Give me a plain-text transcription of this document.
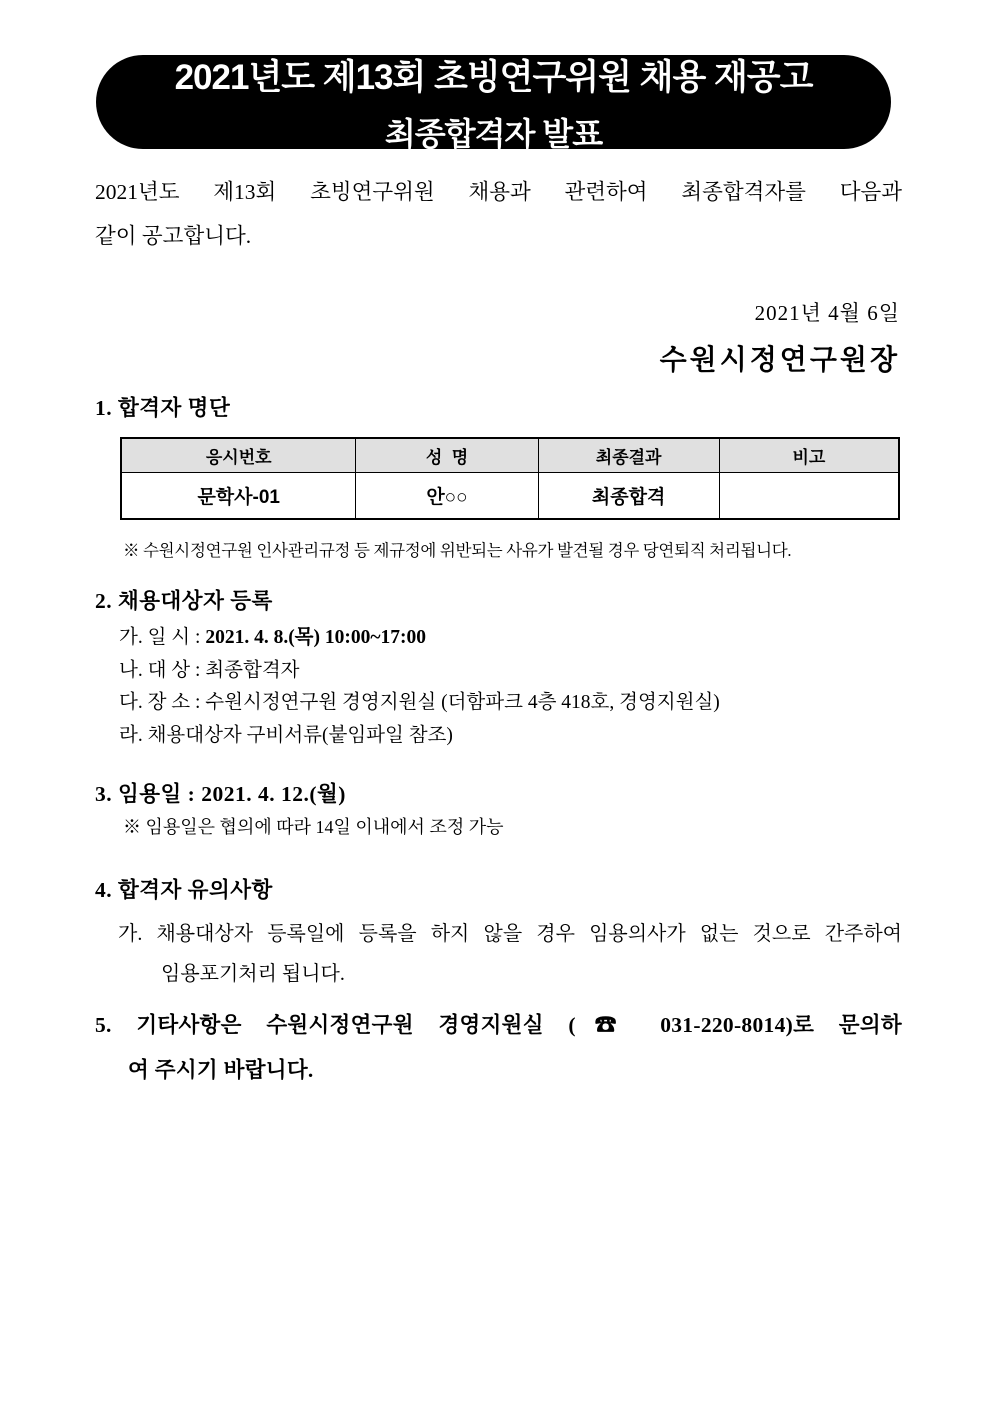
2021년도 제13회 초빙연구위원 채용 재공고
최종합격자 발표
2021년도 제13회 초빙연구위원 채용과 관련하여 최종합격자를 다음과
같이 공고합니다.
2021년 4월 6일
수원시정연구원장
1. 합격자 명단
응시번호	성  명	최종결과	비고
문학사-01	안○○	최종합격	
※ 수원시정연구원 인사관리규정 등 제규정에 위반되는 사유가 발견될 경우 당연퇴직 처리됩니다.
2. 채용대상자 등록
가. 일 시 : 2021. 4. 8.(목) 10:00~17:00
나. 대 상 : 최종합격자
다. 장 소 : 수원시정연구원 경영지원실 (더함파크 4층 418호, 경영지원실)
라. 채용대상자 구비서류(붙임파일 참조)
3. 임용일 : 2021. 4. 12.(월)
※ 임용일은 협의에 따라 14일 이내에서 조정 가능
4. 합격자 유의사항
가. 채용대상자 등록일에 등록을 하지 않을 경우 임용의사가 없는 것으로 간주하여
임용포기처리 됩니다.
5. 기타사항은 수원시정연구원 경영지원실 (☎ 031-220-8014)로 문의하
여 주시기 바랍니다.
